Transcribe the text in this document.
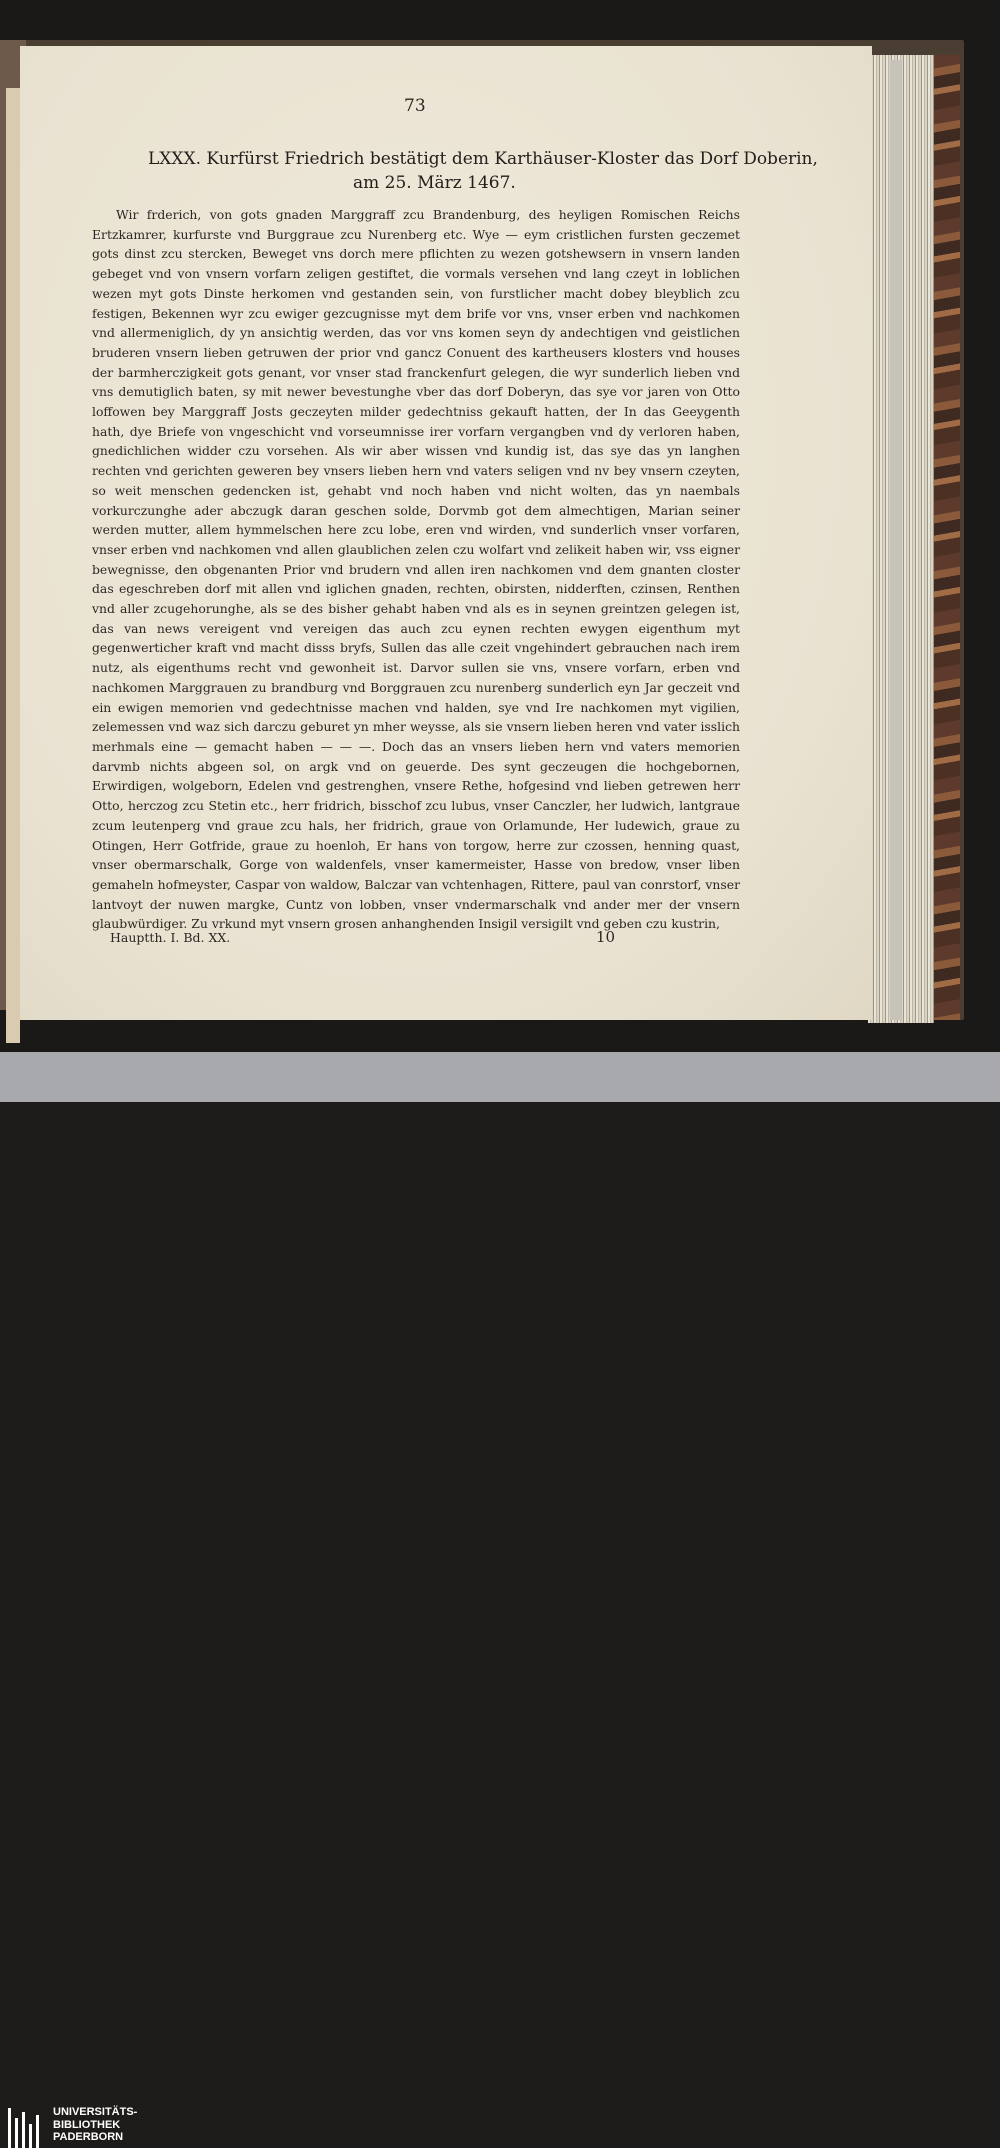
73
LXXX. Kurfürst Friedrich bestätigt dem Karthäuser-Kloster das Dorf Doberin,
am 25. März 1467.

Wir frderich, von gots gnaden Marggraff zcu Brandenburg, des heyligen Romischen Reichs Ertzkamrer, kurfurste vnd Burggraue zcu Nurenberg etc. Wye — eym cristlichen fursten geczemet gots dinst zcu stercken, Beweget vns dorch mere pflichten zu wezen gotshewsern in vnsern landen gebeget vnd von vnsern vorfarn zeligen gestiftet, die vormals versehen vnd lang czeyt in loblichen wezen myt gots Dinste herkomen vnd gestanden sein, von furstlicher macht dobey bleyblich zcu festigen, Bekennen wyr zcu ewiger gezcugnisse myt dem brife vor vns, vnser erben vnd nachkomen vnd allermeniglich, dy yn ansichtig werden, das vor vns komen seyn dy andechtigen vnd geistlichen bruderen vnsern lieben getruwen der prior vnd gancz Conuent des kartheusers klosters vnd houses der barmherczigkeit gots genant, vor vnser stad franckenfurt gelegen, die wyr sunderlich lieben vnd vns demutiglich baten, sy mit newer bevestunghe vber das dorf Doberyn, das sye vor jaren von Otto loffowen bey Marggraff Josts geczeyten milder gedechtniss gekauft hatten, der In das Geeygenth hath, dye Briefe von vngeschicht vnd vorseumnisse irer vorfarn vergangben vnd dy verloren haben, gnedichlichen widder czu vorsehen. Als wir aber wissen vnd kundig ist, das sye das yn langhen rechten vnd gerichten geweren bey vnsers lieben hern vnd vaters seligen vnd nv bey vnsern czeyten, so weit menschen gedencken ist, gehabt vnd noch haben vnd nicht wolten, das yn naembals vorkurczunghe ader abczugk daran geschen solde, Dorvmb got dem almechtigen, Marian seiner werden mutter, allem hymmelschen here zcu lobe, eren vnd wirden, vnd sunderlich vnser vorfaren, vnser erben vnd nachkomen vnd allen glaublichen zelen czu wolfart vnd zelikeit haben wir, vss eigner bewegnisse, den obgenanten Prior vnd brudern vnd allen iren nachkomen vnd dem gnanten closter das egeschreben dorf mit allen vnd iglichen gnaden, rechten, obirsten, nidderften, czinsen, Renthen vnd aller zcugehorunghe, als se des bisher gehabt haben vnd als es in seynen greintzen gelegen ist, das van news vereigent vnd vereigen das auch zcu eynen rechten ewygen eigenthum myt gegenwerticher kraft vnd macht disss bryfs, Sullen das alle czeit vngehindert gebrauchen nach irem nutz, als eigenthums recht vnd gewonheit ist. Darvor sullen sie vns, vnsere vorfarn, erben vnd nachkomen Marggrauen zu brandburg vnd Borggrauen zcu nurenberg sunderlich eyn Jar geczeit vnd ein ewigen memorien vnd gedechtnisse machen vnd halden, sye vnd Ire nachkomen myt vigilien, zelemessen vnd waz sich darczu geburet yn mher weysse, als sie vnsern lieben heren vnd vater isslich merhmals eine — gemacht haben — — —. Doch das an vnsers lieben hern vnd vaters memorien darvmb nichts abgeen sol, on argk vnd on geuerde. Des synt geczeugen die hochgebornen, Erwirdigen, wolgeborn, Edelen vnd gestrenghen, vnsere Rethe, hofgesind vnd lieben getrewen herr Otto, herczog zcu Stetin etc., herr fridrich, bisschof zcu lubus, vnser Canczler, her ludwich, lantgraue zcum leutenperg vnd graue zcu hals, her fridrich, graue von Orlamunde, Her ludewich, graue zu Otingen, Herr Gotfride, graue zu hoenloh, Er hans von torgow, herre zur czossen, henning quast, vnser obermarschalk, Gorge von waldenfels, vnser kamermeister, Hasse von bredow, vnser liben gemaheln hofmeyster, Caspar von waldow, Balczar van vchtenhagen, Rittere, paul van conrstorf, vnser lantvoyt der nuwen margke, Cuntz von lobben, vnser vndermarschalk vnd ander mer der vnsern glaubwürdiger. Zu vrkund myt vnsern grosen anhanghenden Insigil versigilt vnd geben czu kustrin,

Hauptth. I. Bd. XX.	10
UNIVERSITÄTS-
BIBLIOTHEK
PADERBORN
